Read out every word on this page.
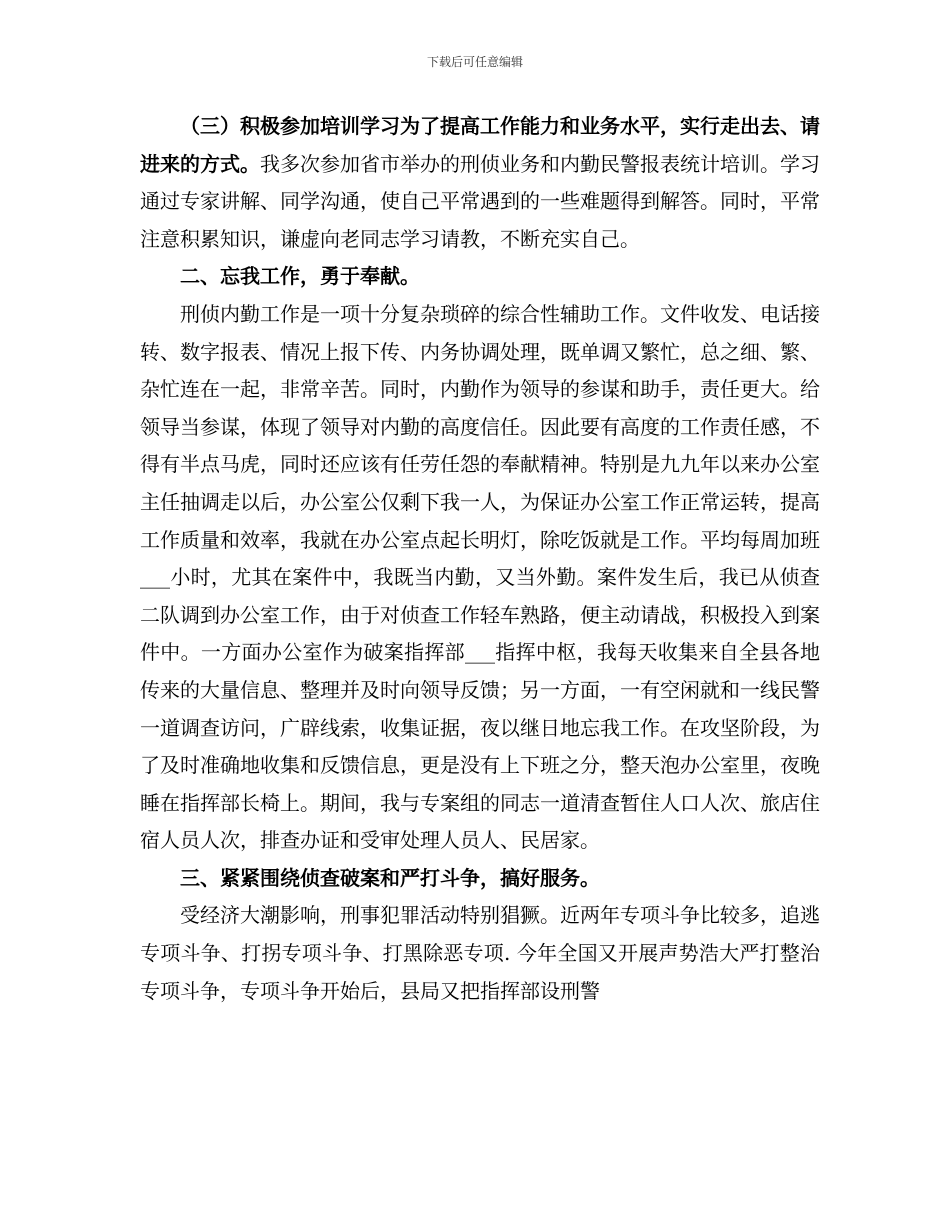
下载后可任意编辑

（三）积极参加培训学习为了提高工作能力和业务水平，实行走出去、请进来的方式。我多次参加省市举办的刑侦业务和内勤民警报表统计培训。学习通过专家讲解、同学沟通，使自己平常遇到的一些难题得到解答。同时，平常注意积累知识，谦虚向老同志学习请教，不断充实自己。

二、忘我工作，勇于奉献。

刑侦内勤工作是一项十分复杂琐碎的综合性辅助工作。文件收发、电话接转、数字报表、情况上报下传、内务协调处理，既单调又繁忙，总之细、繁、杂忙连在一起，非常辛苦。同时，内勤作为领导的参谋和助手，责任更大。给领导当参谋，体现了领导对内勤的高度信任。因此要有高度的工作责任感，不得有半点马虎，同时还应该有任劳任怨的奉献精神。特别是九九年以来办公室主任抽调走以后，办公室公仅剩下我一人，为保证办公室工作正常运转，提高工作质量和效率，我就在办公室点起长明灯，除吃饭就是工作。平均每周加班___小时，尤其在案件中，我既当内勤，又当外勤。案件发生后，我已从侦查二队调到办公室工作，由于对侦查工作轻车熟路，便主动请战，积极投入到案件中。一方面办公室作为破案指挥部___指挥中枢，我每天收集来自全县各地传来的大量信息、整理并及时向领导反馈；另一方面，一有空闲就和一线民警一道调查访问，广辟线索，收集证据，夜以继日地忘我工作。在攻坚阶段，为了及时准确地收集和反馈信息，更是没有上下班之分，整天泡办公室里，夜晚睡在指挥部长椅上。期间，我与专案组的同志一道清查暂住人口人次、旅店住宿人员人次，排查办证和受审处理人员人、民居家。

三、紧紧围绕侦查破案和严打斗争，搞好服务。

受经济大潮影响，刑事犯罪活动特别猖獗。近两年专项斗争比较多，追逃专项斗争、打拐专项斗争、打黑除恶专项. 今年全国又开展声势浩大严打整治专项斗争，专项斗争开始后，县局又把指挥部设刑警
